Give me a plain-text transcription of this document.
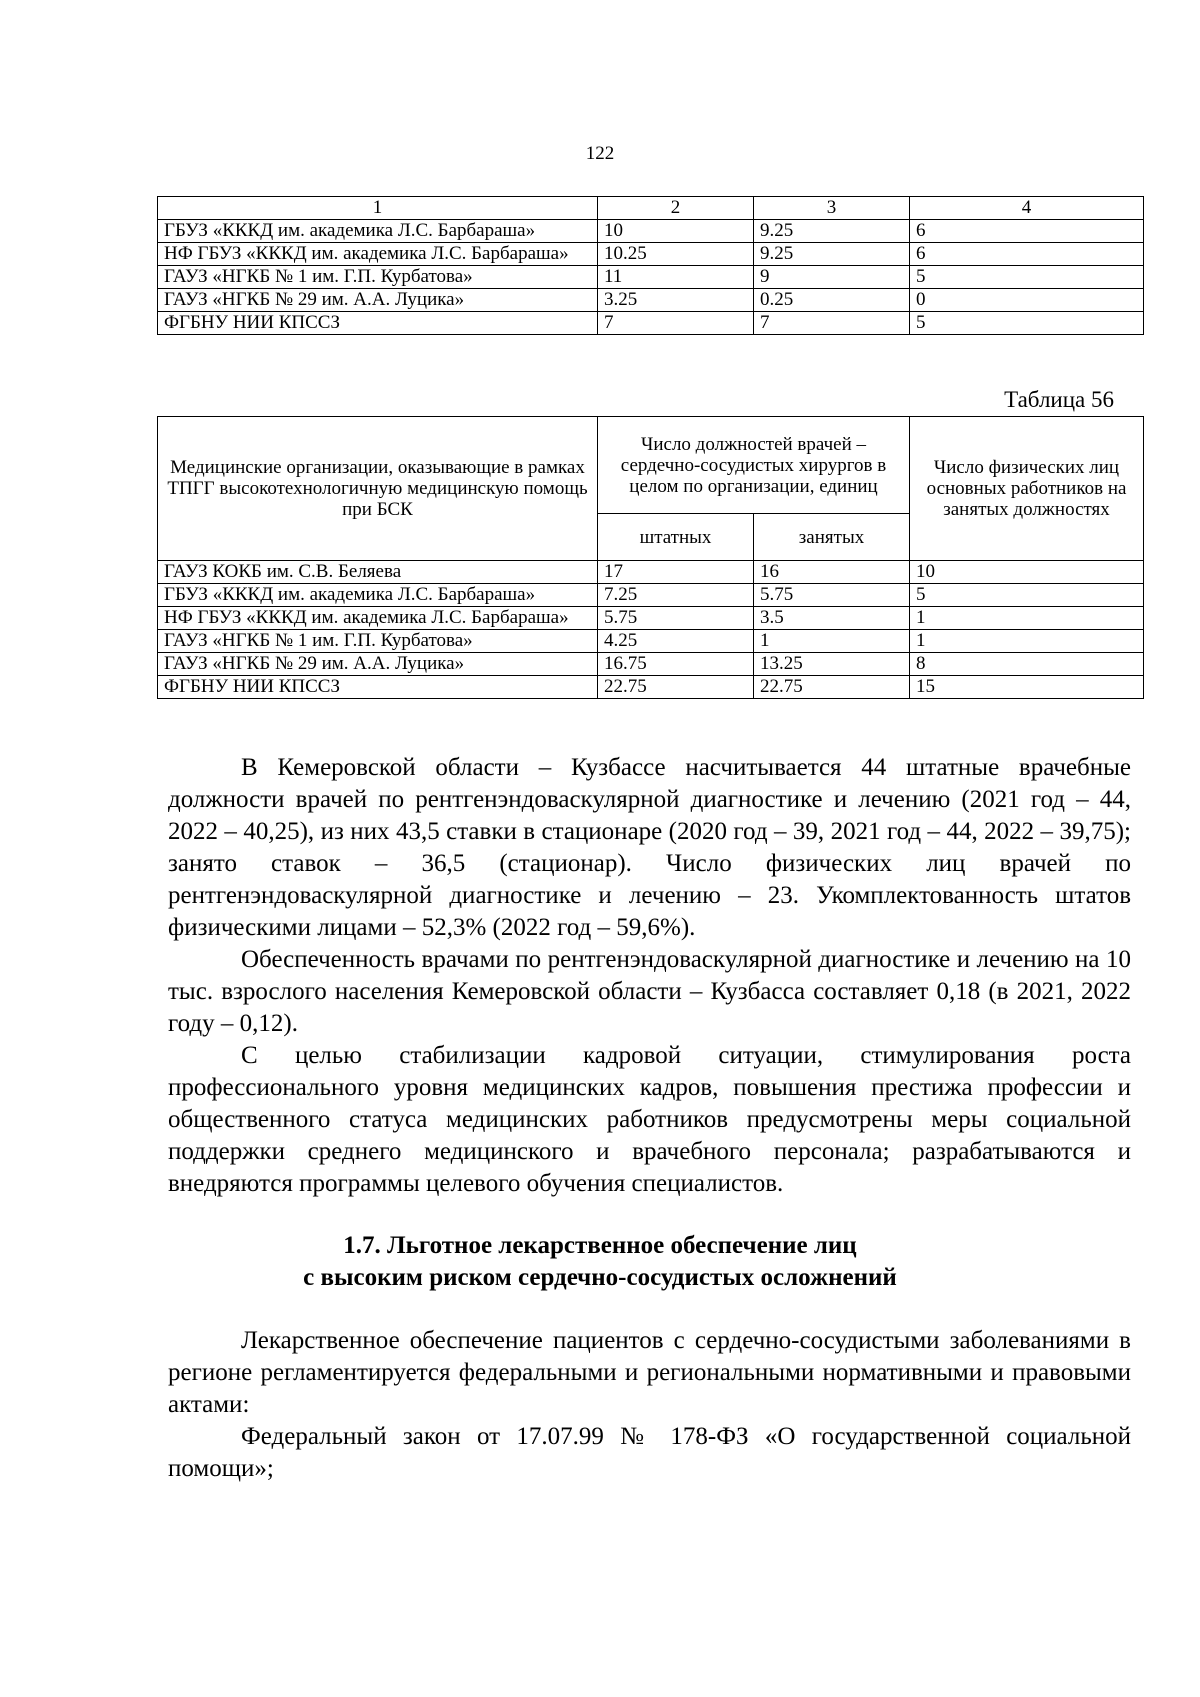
122
1	2	3	4
ГБУЗ «КККД им. академика Л.С. Барбараша»	10	9.25	6
НФ ГБУЗ «КККД им. академика Л.С. Барбараша»	10.25	9.25	6
ГАУЗ «НГКБ № 1 им. Г.П. Курбатова»	11	9	5
ГАУЗ «НГКБ № 29 им. А.А. Луцика»	3.25	0.25	0
ФГБНУ НИИ КПССЗ	7	7	5
Таблица 56
Медицинские организации, оказывающие в рамках ТПГГ высокотехнологичную медицинскую помощь при БСК	Число должностей врачей – сердечно-сосудистых хирургов в целом по организации, единиц		Число физических лиц основных работников на занятых должностях
	штатных	занятых	
ГАУЗ КОКБ им. С.В. Беляева	17	16	10
ГБУЗ «КККД им. академика Л.С. Барбараша»	7.25	5.75	5
НФ ГБУЗ «КККД им. академика Л.С. Барбараша»	5.75	3.5	1
ГАУЗ «НГКБ № 1 им. Г.П. Курбатова»	4.25	1	1
ГАУЗ «НГКБ № 29 им. А.А. Луцика»	16.75	13.25	8
ФГБНУ НИИ КПССЗ	22.75	22.75	15

В Кемеровской области – Кузбассе насчитывается 44 штатные врачебные должности врачей по рентгенэндоваскулярной диагностике и лечению (2021 год – 44, 2022 – 40,25), из них 43,5 ставки в стационаре (2020 год – 39, 2021 год – 44, 2022 – 39,75); занято ставок – 36,5 (стационар). Число физических лиц врачей по рентгенэндоваскулярной диагностике и лечению – 23. Укомплектованность штатов физическими лицами – 52,3% (2022 год – 59,6%).

Обеспеченность врачами по рентгенэндоваскулярной диагностике и лечению на 10 тыс. взрослого населения Кемеровской области – Кузбасса составляет 0,18 (в 2021, 2022 году – 0,12).

С целью стабилизации кадровой ситуации, стимулирования роста профессионального уровня медицинских кадров, повышения престижа профессии и общественного статуса медицинских работников предусмотрены меры социальной поддержки среднего медицинского и врачебного персонала; разрабатываются и внедряются программы целевого обучения специалистов.

1.7. Льготное лекарственное обеспечение лиц
с высоким риском сердечно-сосудистых осложнений

Лекарственное обеспечение пациентов с сердечно-сосудистыми заболеваниями в регионе регламентируется федеральными и региональными нормативными и правовыми актами:

Федеральный закон от 17.07.99 № 178-ФЗ «О государственной социальной помощи»;
